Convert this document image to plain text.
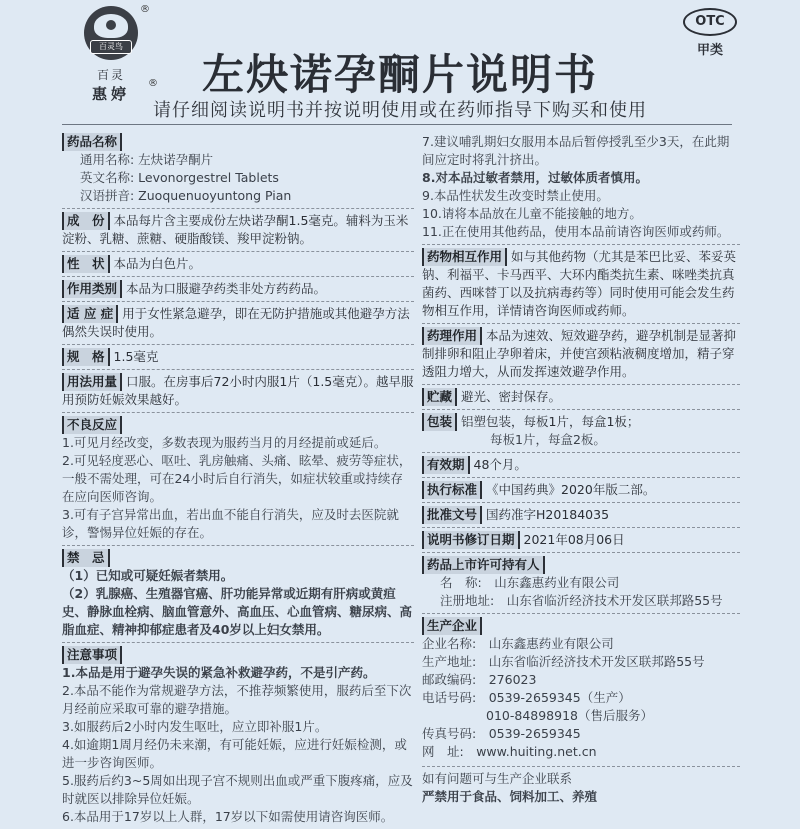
百灵鸟
®
百灵
惠婷
®
OTC
甲类
左炔诺孕酮片说明书
请仔细阅读说明书并按说明使用或在药师指导下购买和使用
药品名称
通用名称: 左炔诺孕酮片
英文名称: Levonorgestrel Tablets
汉语拼音: Zuoquenuoyuntong Pian
成　份 本品每片含主要成份左炔诺孕酮1.5毫克。辅料为玉米淀粉、乳糖、蔗糖、硬脂酸镁、羧甲淀粉钠。
性　状 本品为白色片。
作用类别 本品为口服避孕药类非处方药药品。
适 应 症 用于女性紧急避孕，即在无防护措施或其他避孕方法偶然失误时使用。
规　格 1.5毫克
用法用量 口服。在房事后72小时内服1片（1.5毫克）。越早服用预防妊娠效果越好。
不良反应
1.可见月经改变，多数表现为服药当月的月经提前或延后。
2.可见轻度恶心、呕吐、乳房触痛、头痛、眩晕、疲劳等症状，一般不需处理，可在24小时后自行消失，如症状较重或持续存在应向医师咨询。
3.可有子宫异常出血，若出血不能自行消失，应及时去医院就诊，警惕异位妊娠的存在。
禁　忌
（1）已知或可疑妊娠者禁用。
（2）乳腺癌、生殖器官癌、肝功能异常或近期有肝病或黄疸史、静脉血栓病、脑血管意外、高血压、心血管病、糖尿病、高脂血症、精神抑郁症患者及40岁以上妇女禁用。
注意事项
1.本品是用于避孕失误的紧急补救避孕药，不是引产药。
2.本品不能作为常规避孕方法，不推荐频繁使用，服药后至下次月经前应采取可靠的避孕措施。
3.如服药后2小时内发生呕吐，应立即补服1片。
4.如逾期1周月经仍未来潮，有可能妊娠，应进行妊娠检测，或进一步咨询医师。
5.服药后约3~5周如出现子宫不规则出血或严重下腹疼痛，应及时就医以排除异位妊娠。
6.本品用于17岁以上人群，17岁以下如需使用请咨询医师。
7.建议哺乳期妇女服用本品后暂停授乳至少3天，在此期间应定时将乳汁挤出。
8.对本品过敏者禁用，过敏体质者慎用。
9.本品性状发生改变时禁止使用。
10.请将本品放在儿童不能接触的地方。
11.正在使用其他药品，使用本品前请咨询医师或药师。
药物相互作用 如与其他药物（尤其是苯巴比妥、苯妥英钠、利福平、卡马西平、大环内酯类抗生素、咪唑类抗真菌药、西咪替丁以及抗病毒药等）同时使用可能会发生药物相互作用，详情请咨询医师或药师。
药理作用 本品为速效、短效避孕药，避孕机制是显著抑制排卵和阻止孕卵着床，并使宫颈粘液稠度增加，精子穿透阻力增大，从而发挥速效避孕作用。
贮藏 避光、密封保存。
包装 铝塑包装，每板1片，每盒1板；
每板1片，每盒2板。
有效期 48个月。
执行标准 《中国药典》2020年版二部。
批准文号 国药准字H20184035
说明书修订日期 2021年08月06日
药品上市许可持有人
名　称:　山东鑫惠药业有限公司
注册地址:　山东省临沂经济技术开发区联邦路55号
生产企业
企业名称:　山东鑫惠药业有限公司
生产地址:　山东省临沂经济技术开发区联邦路55号
邮政编码:　276023
电话号码:　0539-2659345（生产）
010-84898918（售后服务）
传真号码:　0539-2659345
网　址:　www.huiting.net.cn
如有问题可与生产企业联系
严禁用于食品、饲料加工、养殖
